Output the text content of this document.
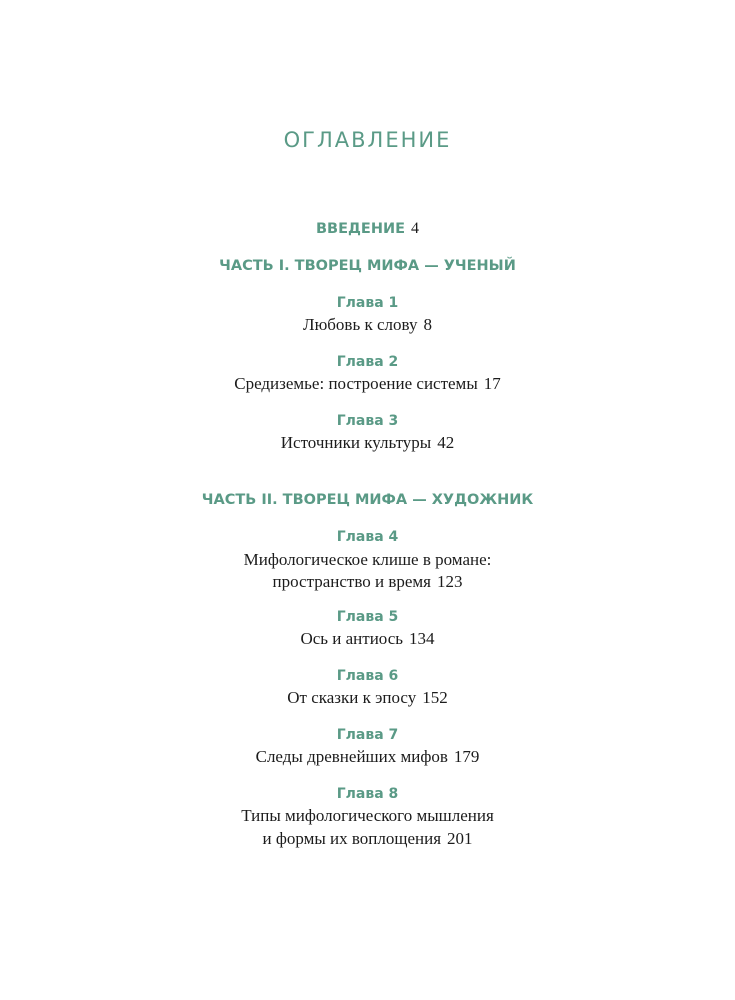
ОГЛАВЛЕНИЕ
ВВЕДЕНИЕ 4
ЧАСТЬ I. ТВОРЕЦ МИФА — УЧЕНЫЙ
Глава 1
Любовь к слову 8
Глава 2
Средиземье: построение системы 17
Глава 3
Источники культуры 42
ЧАСТЬ II. ТВОРЕЦ МИФА — ХУДОЖНИК
Глава 4
Мифологическое клише в романе:
пространство и время 123
Глава 5
Ось и антиось 134
Глава 6
От сказки к эпосу 152
Глава 7
Следы древнейших мифов 179
Глава 8
Типы мифологического мышления
и формы их воплощения 201
